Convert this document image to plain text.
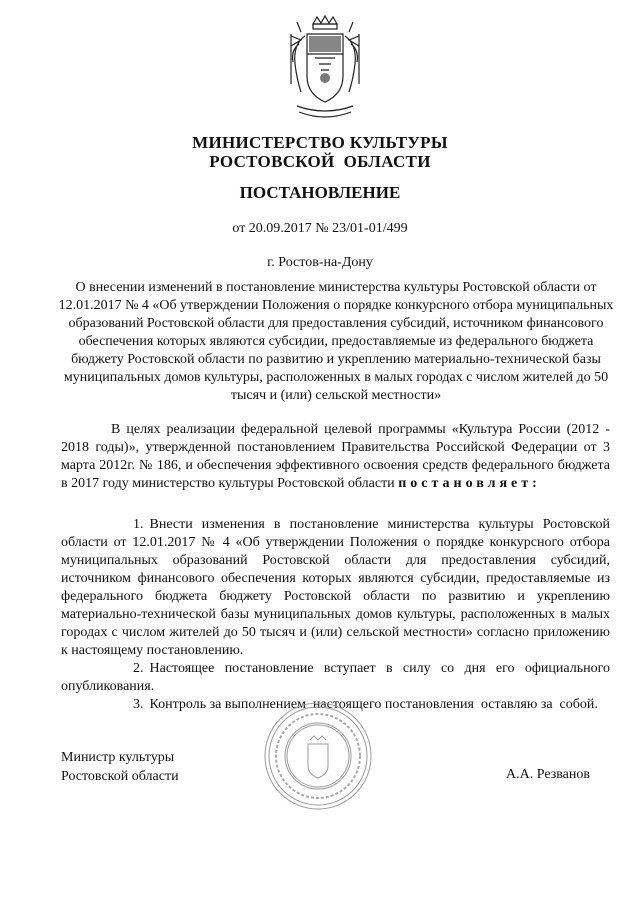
МИНИСТЕРСТВО КУЛЬТУРЫ
РОСТОВСКОЙ  ОБЛАСТИ
ПОСТАНОВЛЕНИЕ
от 20.09.2017 № 23/01-01/499
г. Ростов-на-Дону
О внесении изменений в постановление министерства культуры Ростовской области от 12.01.2017 № 4 «Об утверждении Положения о порядке конкурсного отбора муниципальных образований Ростовской области для предоставления субсидий, источником финансового обеспечения которых являются субсидии, предоставляемые из федерального бюджета бюджету Ростовской области по развитию и укреплению материально-технической базы муниципальных домов культуры, расположенных в малых городах с числом жителей до 50 тысяч и (или) сельской местности»
В целях реализации федеральной целевой программы «Культура России (2012 - 2018 годы)», утвержденной постановлением Правительства Российской Федерации от 3 марта 2012г. № 186, и обеспечения эффективного освоения средств федерального бюджета в 2017 году министерство культуры Ростовской области постановляет:

1. Внести изменения в постановление министерства культуры Ростовской области от 12.01.2017 № 4 «Об утверждении Положения о порядке конкурсного отбора муниципальных образований Ростовской области для предоставления субсидий, источником финансового обеспечения которых являются субсидии, предоставляемые из федерального бюджета бюджету Ростовской области по развитию и укреплению материально-технической базы муниципальных домов культуры, расположенных в малых городах с числом жителей до 50 тысяч и (или) сельской местности» согласно приложению к настоящему постановлению.

2. Настоящее постановление вступает в силу со дня его официального опубликования.

3. Контроль за выполнением  настоящего постановления  оставляю за  собой.

Министр культуры
Ростовской области	А.А. Резванов
